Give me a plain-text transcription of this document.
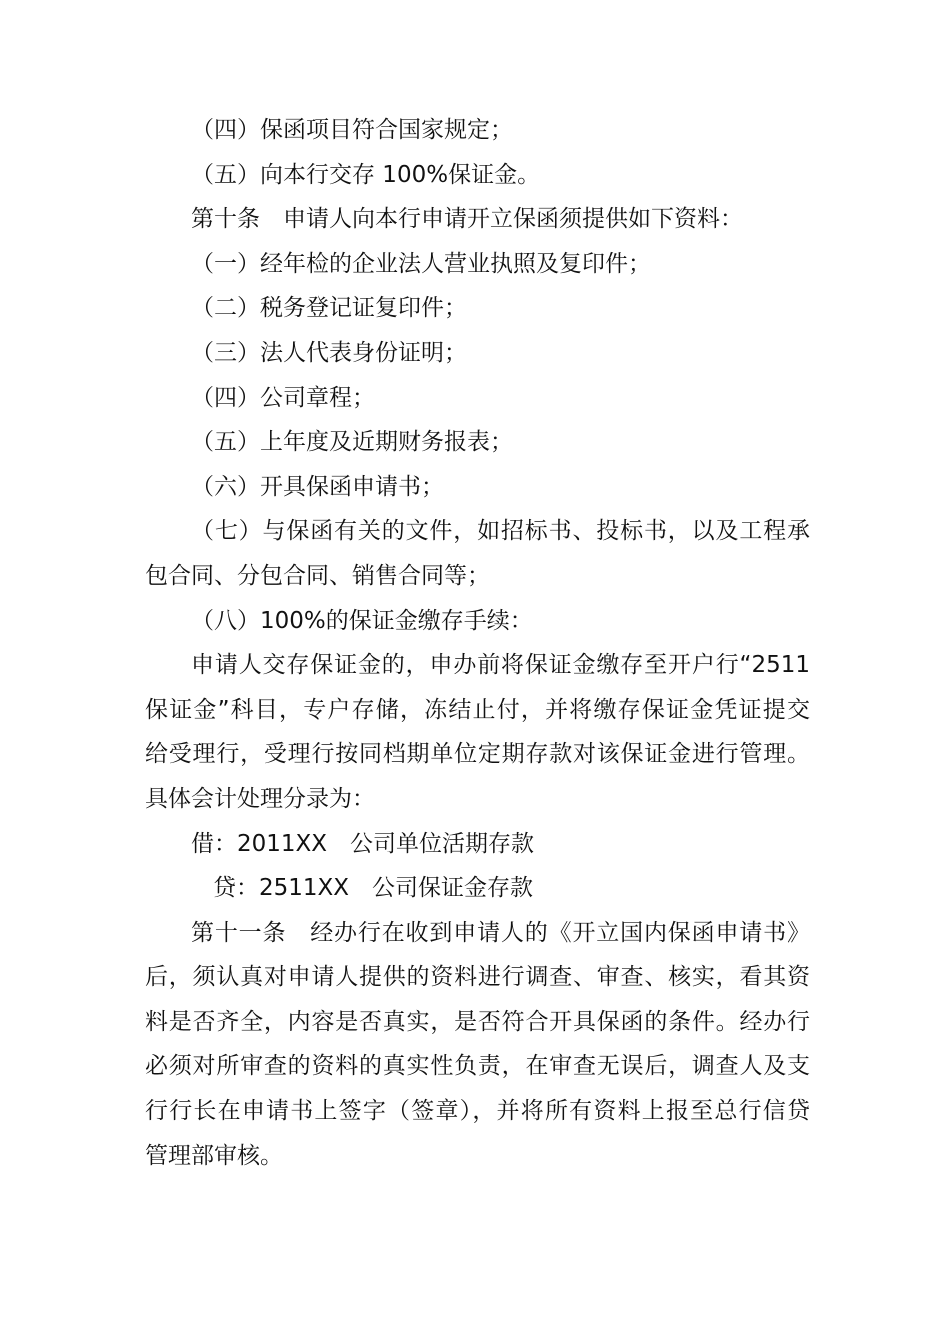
（四）保函项目符合国家规定；
（五）向本行交存 100%保证金。
第十条　申请人向本行申请开立保函须提供如下资料：
（一）经年检的企业法人营业执照及复印件；
（二）税务登记证复印件；
（三）法人代表身份证明；
（四）公司章程；
（五）上年度及近期财务报表；
（六）开具保函申请书；
（七）与保函有关的文件，如招标书、投标书，以及工程承
包合同、分包合同、销售合同等；
（八）100%的保证金缴存手续：
申请人交存保证金的，申办前将保证金缴存至开户行“2511
保证金”科目，专户存储，冻结止付，并将缴存保证金凭证提交
给受理行，受理行按同档期单位定期存款对该保证金进行管理。
具体会计处理分录为：
借：2011XX　公司单位活期存款
贷：2511XX　公司保证金存款
第十一条　经办行在收到申请人的《开立国内保函申请书》
后，须认真对申请人提供的资料进行调查、审查、核实，看其资
料是否齐全，内容是否真实，是否符合开具保函的条件。经办行
必须对所审查的资料的真实性负责，在审查无误后，调查人及支
行行长在申请书上签字（签章），并将所有资料上报至总行信贷
管理部审核。
